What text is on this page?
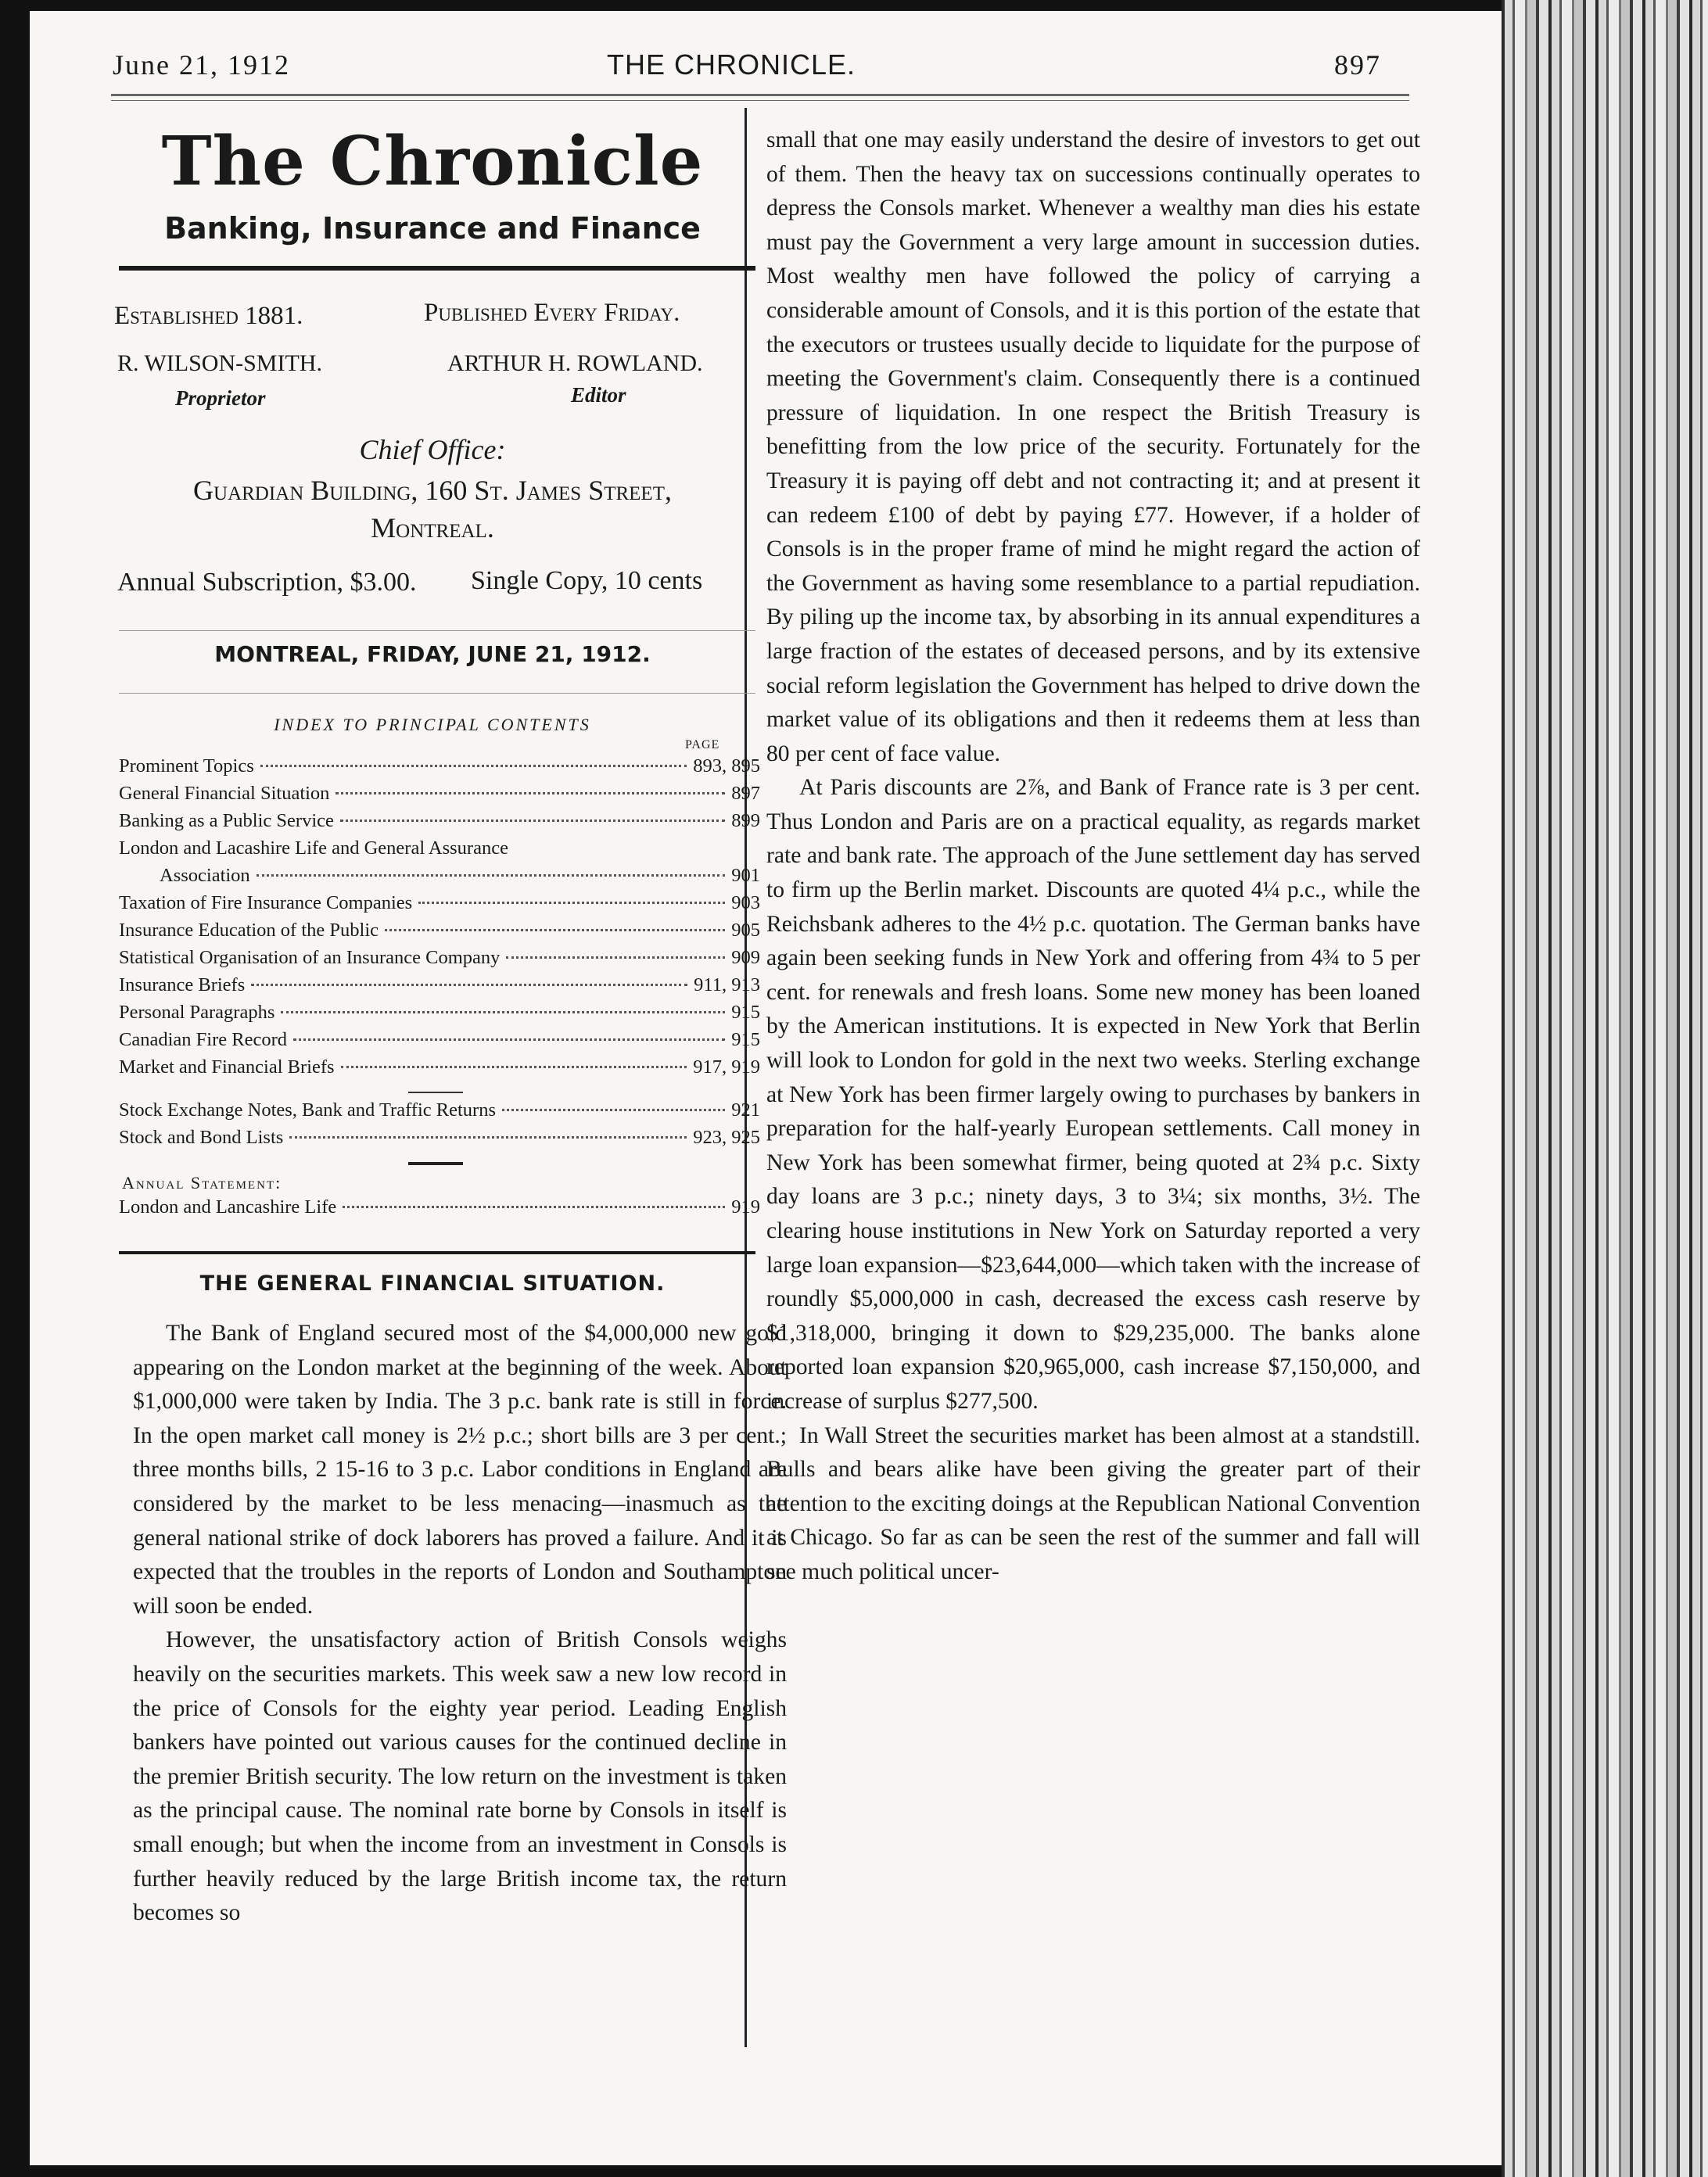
June 21, 1912	THE CHRONICLE.	897
The Chronicle
Banking, Insurance and Finance
Established 1881.	Published Every Friday.
R. WILSON-SMITH.
Proprietor
ARTHUR H. ROWLAND.
Editor
Chief Office:
Guardian Building, 160 St. James Street,
Montreal.
Annual Subscription, $3.00. Single Copy, 10 cents
MONTREAL, FRIDAY, JUNE 21, 1912.
INDEX TO PRINCIPAL CONTENTS
PAGE
Prominent Topics	893, 895
General Financial Situation	897
Banking as a Public Service	899
London and Lacashire Life and General Assurance
Association	901
Taxation of Fire Insurance Companies	903
Insurance Education of the Public	905
Statistical Organisation of an Insurance Company	909
Insurance Briefs	911, 913
Personal Paragraphs	915
Canadian Fire Record	915
Market and Financial Briefs	917, 919
Stock Exchange Notes, Bank and Traffic Returns	921
Stock and Bond Lists	923, 925
Annual Statement:
London and Lancashire Life	919
THE GENERAL FINANCIAL SITUATION.

The Bank of England secured most of the $4,000,000 new gold appearing on the London market at the beginning of the week. About $1,000,000 were taken by India. The 3 p.c. bank rate is still in force. In the open market call money is 2½ p.c.; short bills are 3 per cent.; three months bills, 2 15-16 to 3 p.c. Labor conditions in England are considered by the market to be less menacing—inasmuch as the general national strike of dock laborers has proved a failure. And it is expected that the troubles in the reports of London and Southampton will soon be ended.

However, the unsatisfactory action of British Consols weighs heavily on the securities markets. This week saw a new low record in the price of Consols for the eighty year period. Leading English bankers have pointed out various causes for the continued decline in the premier British security. The low return on the investment is taken as the principal cause. The nominal rate borne by Consols in itself is small enough; but when the income from an investment in Consols is further heavily reduced by the large British income tax, the return becomes so

small that one may easily understand the desire of investors to get out of them. Then the heavy tax on successions continually operates to depress the Consols market. Whenever a wealthy man dies his estate must pay the Government a very large amount in succession duties. Most wealthy men have followed the policy of carrying a considerable amount of Consols, and it is this portion of the estate that the executors or trustees usually decide to liquidate for the purpose of meeting the Government's claim. Consequently there is a continued pressure of liquidation. In one respect the British Treasury is benefitting from the low price of the security. Fortunately for the Treasury it is paying off debt and not contracting it; and at present it can redeem £100 of debt by paying £77. However, if a holder of Consols is in the proper frame of mind he might regard the action of the Government as having some resemblance to a partial repudiation. By piling up the income tax, by absorbing in its annual expenditures a large fraction of the estates of deceased persons, and by its extensive social reform legislation the Government has helped to drive down the market value of its obligations and then it redeems them at less than 80 per cent of face value.

At Paris discounts are 2⅞, and Bank of France rate is 3 per cent. Thus London and Paris are on a practical equality, as regards market rate and bank rate. The approach of the June settlement day has served to firm up the Berlin market. Discounts are quoted 4¼ p.c., while the Reichsbank adheres to the 4½ p.c. quotation. The German banks have again been seeking funds in New York and offering from 4¾ to 5 per cent. for renewals and fresh loans. Some new money has been loaned by the American institutions. It is expected in New York that Berlin will look to London for gold in the next two weeks. Sterling exchange at New York has been firmer largely owing to purchases by bankers in preparation for the half-yearly European settlements. Call money in New York has been somewhat firmer, being quoted at 2¾ p.c. Sixty day loans are 3 p.c.; ninety days, 3 to 3¼; six months, 3½. The clearing house institutions in New York on Saturday reported a very large loan expansion—$23,644,000—which taken with the increase of roundly $5,000,000 in cash, decreased the excess cash reserve by $1,318,000, bringing it down to $29,235,000. The banks alone reported loan expansion $20,965,000, cash increase $7,150,000, and increase of surplus $277,500.

In Wall Street the securities market has been almost at a standstill. Bulls and bears alike have been giving the greater part of their attention to the exciting doings at the Republican National Convention at Chicago. So far as can be seen the rest of the summer and fall will see much political uncer-
